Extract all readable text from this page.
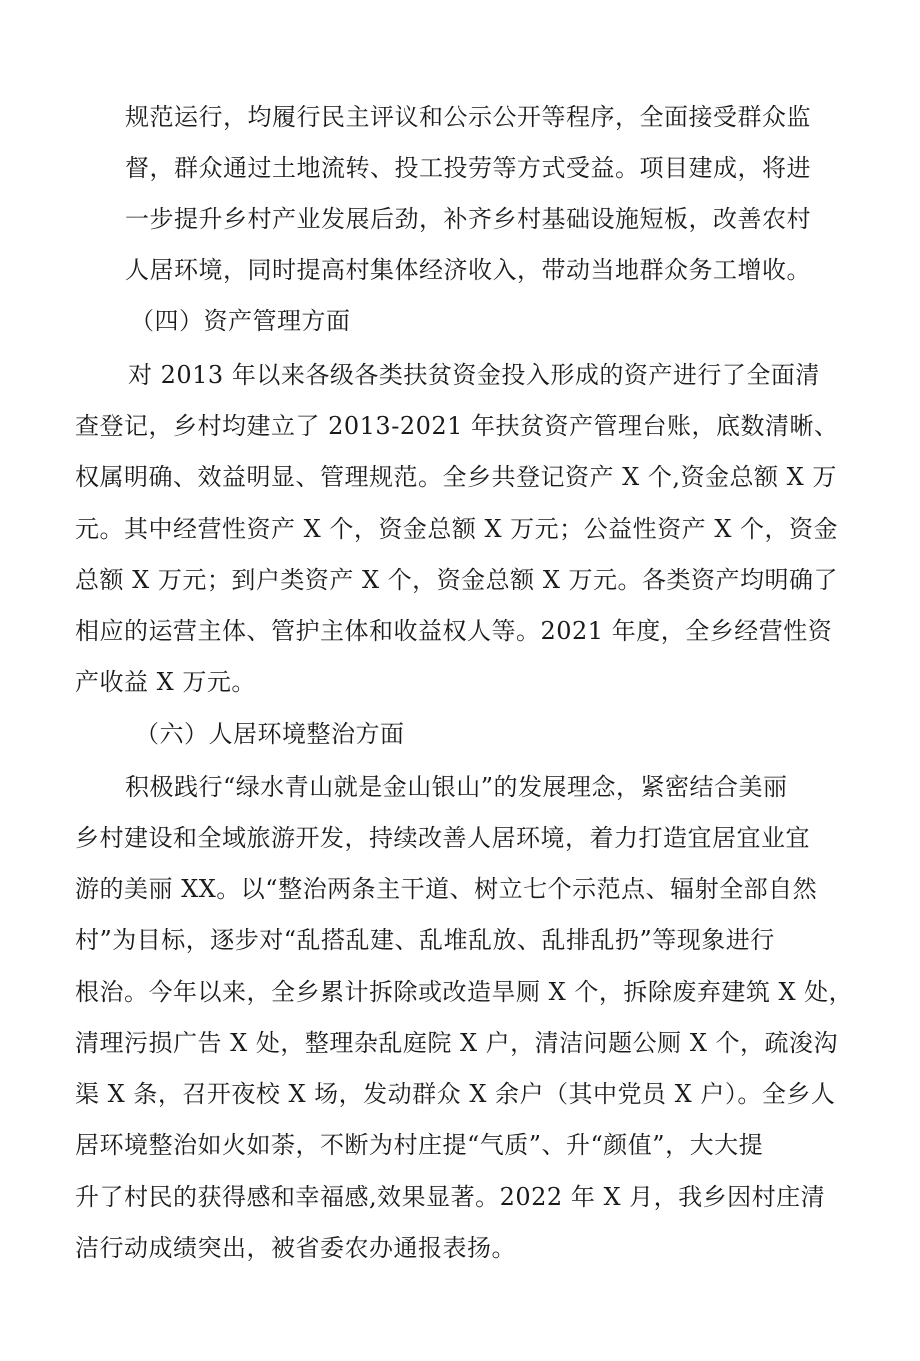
规范运行，均履行民主评议和公示公开等程序，全面接受群众监
督，群众通过土地流转、投工投劳等方式受益。项目建成，将进
一步提升乡村产业发展后劲，补齐乡村基础设施短板，改善农村
人居环境，同时提高村集体经济收入，带动当地群众务工增收。
（四）资产管理方面
对 2013 年以来各级各类扶贫资金投入形成的资产进行了全面清
查登记，乡村均建立了 2013-2021 年扶贫资产管理台账，底数清晰、
权属明确、效益明显、管理规范。全乡共登记资产 X 个,资金总额 X 万
元。其中经营性资产 X 个，资金总额 X 万元；公益性资产 X 个，资金
总额 X 万元；到户类资产 X 个，资金总额 X 万元。各类资产均明确了
相应的运营主体、管护主体和收益权人等。2021 年度，全乡经营性资
产收益 X 万元。
（六）人居环境整治方面
积极践行“绿水青山就是金山银山”的发展理念，紧密结合美丽
乡村建设和全域旅游开发，持续改善人居环境，着力打造宜居宜业宜
游的美丽 XX。以“整治两条主干道、树立七个示范点、辐射全部自然
村”为目标，逐步对“乱搭乱建、乱堆乱放、乱排乱扔”等现象进行
根治。今年以来，全乡累计拆除或改造旱厕 X 个，拆除废弃建筑 X 处，
清理污损广告 X 处，整理杂乱庭院 X 户，清洁问题公厕 X 个，疏浚沟
渠 X 条，召开夜校 X 场，发动群众 X 余户（其中党员 X 户）。全乡人
居环境整治如火如荼，不断为村庄提“气质”、升“颜值”，大大提
升了村民的获得感和幸福感,效果显著。2022 年 X 月，我乡因村庄清
洁行动成绩突出，被省委农办通报表扬。
